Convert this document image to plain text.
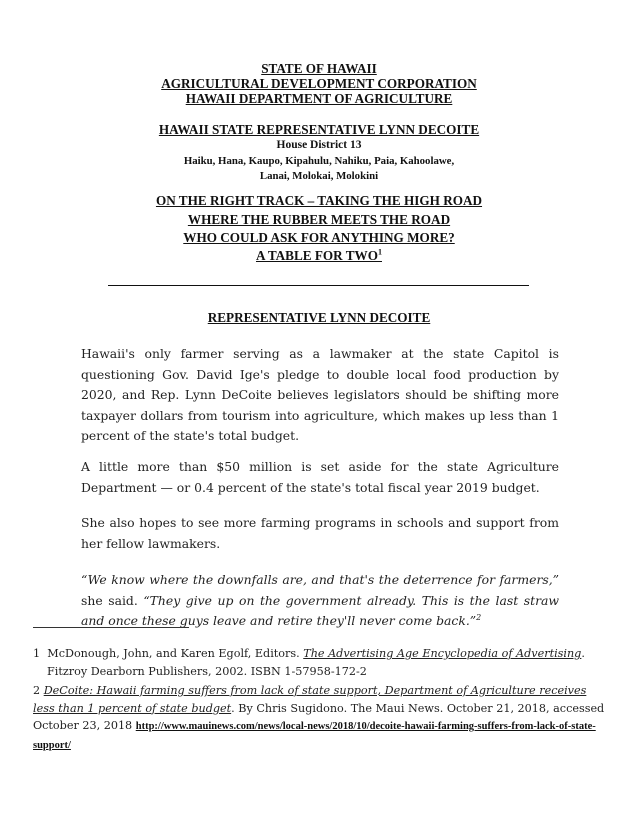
STATE OF HAWAII
AGRICULTURAL DEVELOPMENT CORPORATION
HAWAII DEPARTMENT OF AGRICULTURE
HAWAII STATE REPRESENTATIVE LYNN DECOITE
House District 13
Haiku, Hana, Kaupo, Kipahulu, Nahiku, Paia, Kahoolawe,
Lanai, Molokai, Molokini
ON THE RIGHT TRACK – TAKING THE HIGH ROAD
WHERE THE RUBBER MEETS THE ROAD
WHO COULD ASK FOR ANYTHING MORE?
A TABLE FOR TWO$^1$
REPRESENTATIVE LYNN DECOITE
Hawaii's only farmer serving as a lawmaker at the state Capitol is questioning Gov. David Ige's pledge to double local food production by 2020, and Rep. Lynn DeCoite believes legislators should be shifting more taxpayer dollars from tourism into agriculture, which makes up less than 1 percent of the state's total budget.
A little more than $50 million is set aside for the state Agriculture Department — or 0.4 percent of the state's total fiscal year 2019 budget.
She also hopes to see more farming programs in schools and support from her fellow lawmakers.
“We know where the downfalls are, and that's the deterrence for farmers,” she said. “They give up on the government already. This is the last straw and once these guys leave and retire they'll never come back.”$^2$
1 McDonough, John, and Karen Egolf, Editors. The Advertising Age Encyclopedia of Advertising. Fitzroy Dearborn Publishers, 2002. ISBN 1-57958-172-2
2 DeCoite: Hawaii farming suffers from lack of state support, Department of Agriculture receives less than 1 percent of state budget. By Chris Sugidono. The Maui News. October 21, 2018, accessed October 23, 2018 http://www.mauinews.com/news/local-news/2018/10/decoite-hawaii-farming-suffers-from-lack-of-state-support/
